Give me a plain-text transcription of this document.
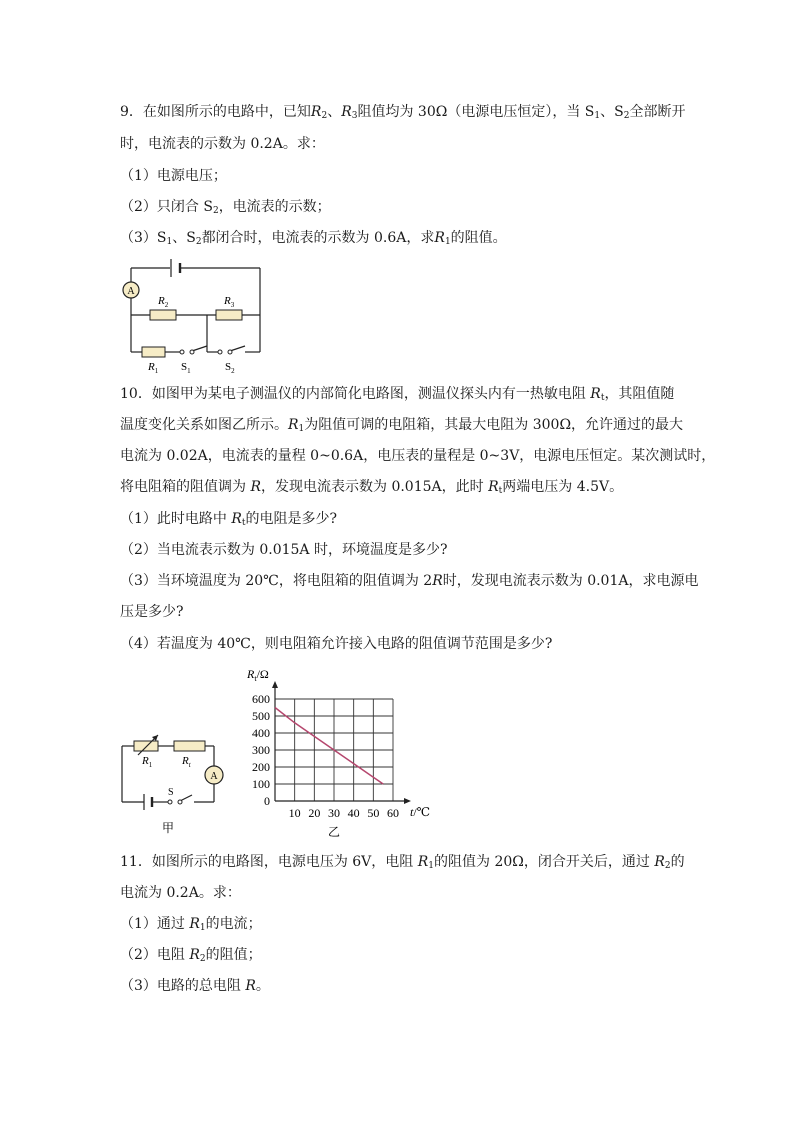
9．在如图所示的电路中，已知$R_2$、$R_3$阻值均为 30Ω（电源电压恒定），当 $S_1$、$S_2$全部断开
时，电流表的示数为 0.2A。求：
（1）电源电压；
（2）只闭合 $S_2$，电流表的示数；
$(3)S_1$、$S_2$都闭合时，电流表的示数为 0.6A，求$R_1$的阻值。
A
$R_2$	$R_3$
$R_1$ $S_1$	$S_2$
10．如图甲为某电子测温仪的内部简化电路图，测温仪探头内有一热敏电阻 $R_t$，其阻值随
温度变化关系如图乙所示。$R_1$为阻值可调的电阻箱，其最大电阻为 300Ω，允许通过的最大
电流为 0.02A，电流表的量程 0~0.6A，电压表的量程是 0~3V，电源电压恒定。某次测试时，
将电阻箱的阻值调为 R，发现电流表示数为 0.015A，此时 $R_t$两端电压为 4.5V。
（1）此时电路中 $R_t$的电阻是多少?
（2）当电流表示数为 0.015A 时，环境温度是多少?
（3）当环境温度为 20℃，将电阻箱的阻值调为 2R时，发现电流表示数为 0.01A，求电源电
压是多少?
（4）若温度为 40℃，则电阻箱允许接入电路的阻值调节范围是多少?
A
$R_1$	$R_t$
S
甲
10 20 30 40 50 60
0
100
200
300
400
500
600
$R_t/\Omega$
t/℃
乙
11．如图所示的电路图，电源电压为 6V，电阻 $R_1$的阻值为 20Ω，闭合开关后，通过 $R_2$的
电流为 0.2A。求：
（1）通过 $R_1$的电流；
（2）电阻 $R_2$的阻值；
（3）电路的总电阻 R。
